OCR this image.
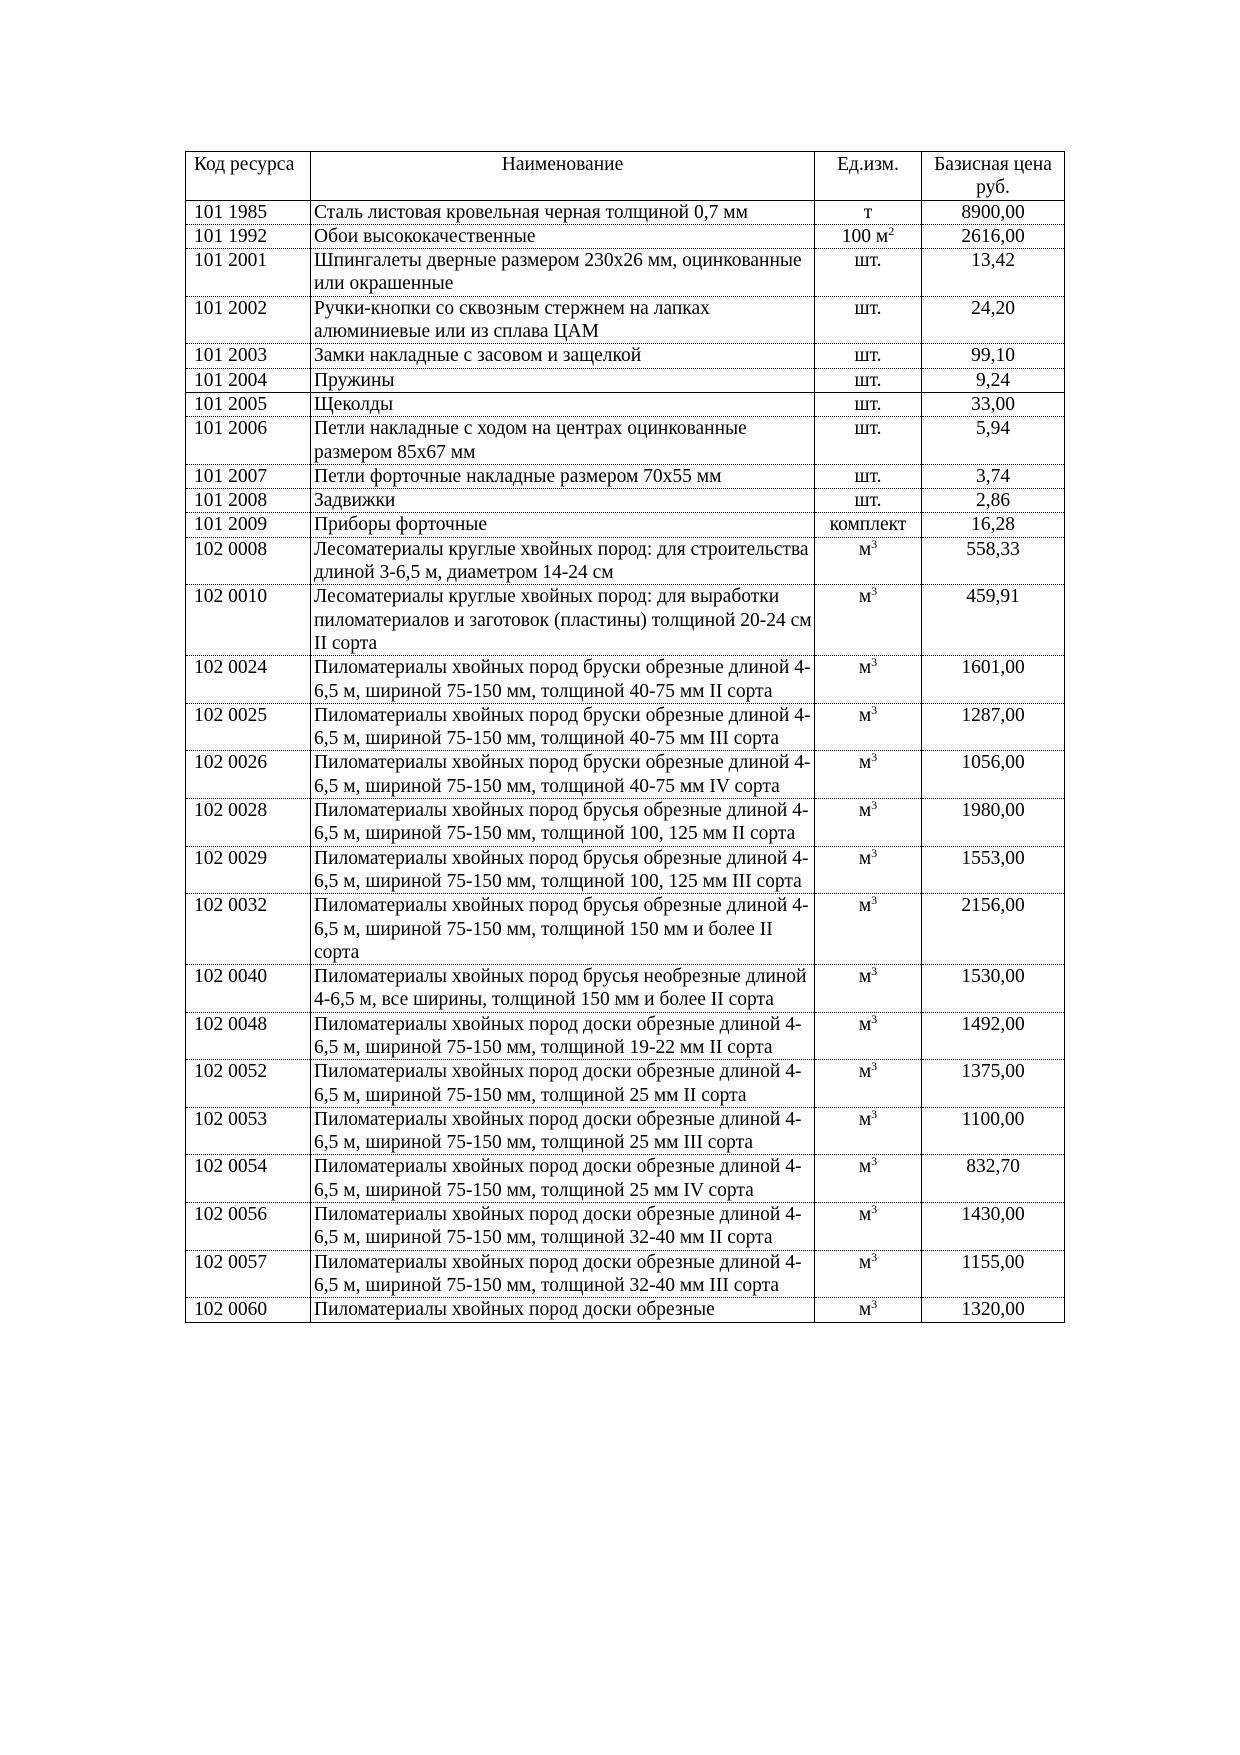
Код ресурса	Наименование	Ед.изм.	Базисная цена руб.
101 1985	Сталь листовая кровельная черная толщиной 0,7 мм	т	8900,00
101 1992	Обои высококачественные	100 $м^2$	2616,00
101 2001	Шпингалеты дверные размером 230х26 мм, оцинкованные или окрашенные	шт.	13,42
101 2002	Ручки-кнопки со сквозным стержнем на лапках алюминиевые или из сплава ЦАМ	шт.	24,20
101 2003	Замки накладные с засовом и защелкой	шт.	99,10
101 2004	Пружины	шт.	9,24
101 2005	Щеколды	шт.	33,00
101 2006	Петли накладные с ходом на центрах оцинкованные размером 85х67 мм	шт.	5,94
101 2007	Петли форточные накладные размером 70х55 мм	шт.	3,74
101 2008	Задвижки	шт.	2,86
101 2009	Приборы форточные	комплект	16,28
102 0008	Лесоматериалы круглые хвойных пород: для строительства длиной 3-6,5 м, диаметром 14-24 см	$м^3$	558,33
102 0010	Лесоматериалы круглые хвойных пород: для выработки пиломатериалов и заготовок (пластины) толщиной 20-24 см II сорта	$м^3$	459,91
102 0024	Пиломатериалы хвойных пород бруски обрезные длиной 4-6,5 м, шириной 75-150 мм, толщиной 40-75 мм II сорта	$м^3$	1601,00
102 0025	Пиломатериалы хвойных пород бруски обрезные длиной 4-6,5 м, шириной 75-150 мм, толщиной 40-75 мм III сорта	$м^3$	1287,00
102 0026	Пиломатериалы хвойных пород бруски обрезные длиной 4-6,5 м, шириной 75-150 мм, толщиной 40-75 мм IV сорта	$м^3$	1056,00
102 0028	Пиломатериалы хвойных пород брусья обрезные длиной 4-6,5 м, шириной 75-150 мм, толщиной 100, 125 мм II сорта	$м^3$	1980,00
102 0029	Пиломатериалы хвойных пород брусья обрезные длиной 4-6,5 м, шириной 75-150 мм, толщиной 100, 125 мм III сорта	$м^3$	1553,00
102 0032	Пиломатериалы хвойных пород брусья обрезные длиной 4-6,5 м, шириной 75-150 мм, толщиной 150 мм и более II сорта	$м^3$	2156,00
102 0040	Пиломатериалы хвойных пород брусья необрезные длиной 4-6,5 м, все ширины, толщиной 150 мм и более II сорта	$м^3$	1530,00
102 0048	Пиломатериалы хвойных пород доски обрезные длиной 4-6,5 м, шириной 75-150 мм, толщиной 19-22 мм II сорта	$м^3$	1492,00
102 0052	Пиломатериалы хвойных пород доски обрезные длиной 4-6,5 м, шириной 75-150 мм, толщиной 25 мм II сорта	$м^3$	1375,00
102 0053	Пиломатериалы хвойных пород доски обрезные длиной 4-6,5 м, шириной 75-150 мм, толщиной 25 мм III сорта	$м^3$	1100,00
102 0054	Пиломатериалы хвойных пород доски обрезные длиной 4-6,5 м, шириной 75-150 мм, толщиной 25 мм IV сорта	$м^3$	832,70
102 0056	Пиломатериалы хвойных пород доски обрезные длиной 4-6,5 м, шириной 75-150 мм, толщиной 32-40 мм II сорта	$м^3$	1430,00
102 0057	Пиломатериалы хвойных пород доски обрезные длиной 4-6,5 м, шириной 75-150 мм, толщиной 32-40 мм III сорта	$м^3$	1155,00
102 0060	Пиломатериалы хвойных пород доски обрезные	$м^3$	1320,00
